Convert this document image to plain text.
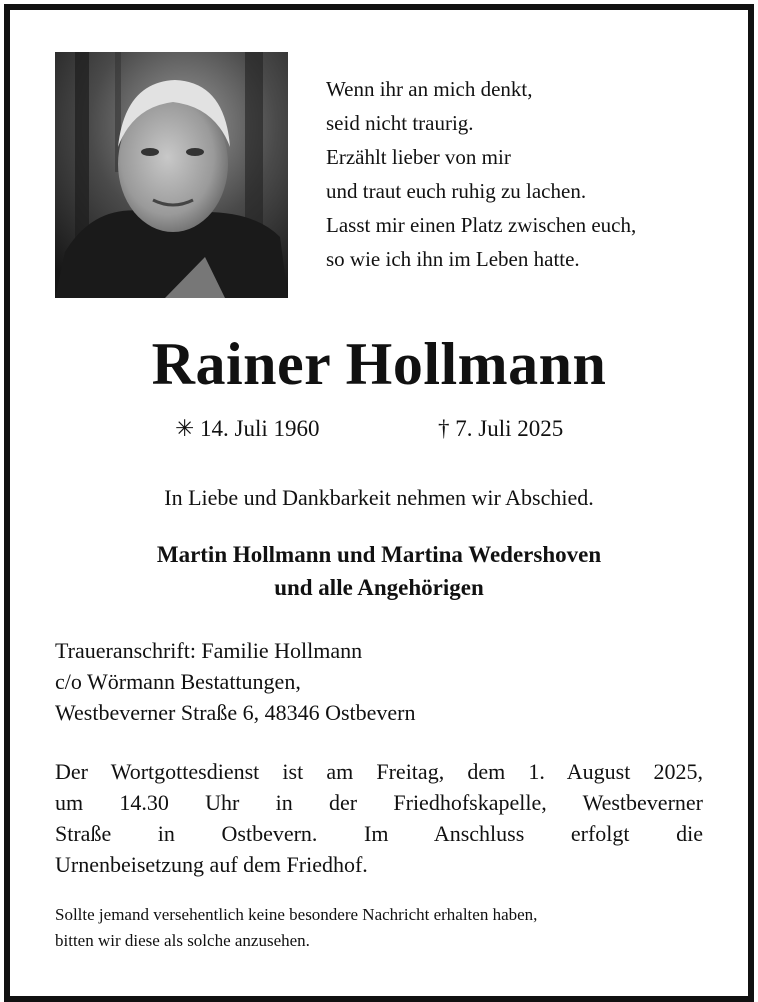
Wenn ihr an mich denkt,
seid nicht traurig.
Erzählt lieber von mir
und traut euch ruhig zu lachen.
Lasst mir einen Platz zwischen euch,
so wie ich ihn im Leben hatte.
Rainer Hollmann
✳ 14. Juli 1960	† 7. Juli 2025
In Liebe und Dankbarkeit nehmen wir Abschied.
Martin Hollmann und Martina Wedershoven
und alle Angehörigen
Traueranschrift: Familie Hollmann
c/o Wörmann Bestattungen,
Westbeverner Straße 6, 48346 Ostbevern
Der Wortgottesdienst ist am Freitag, dem 1. August 2025,
um 14.30 Uhr in der Friedhofskapelle, Westbeverner
Straße in Ostbevern. Im Anschluss erfolgt die
Urnenbeisetzung auf dem Friedhof.
Sollte jemand versehentlich keine besondere Nachricht erhalten haben,
bitten wir diese als solche anzusehen.
